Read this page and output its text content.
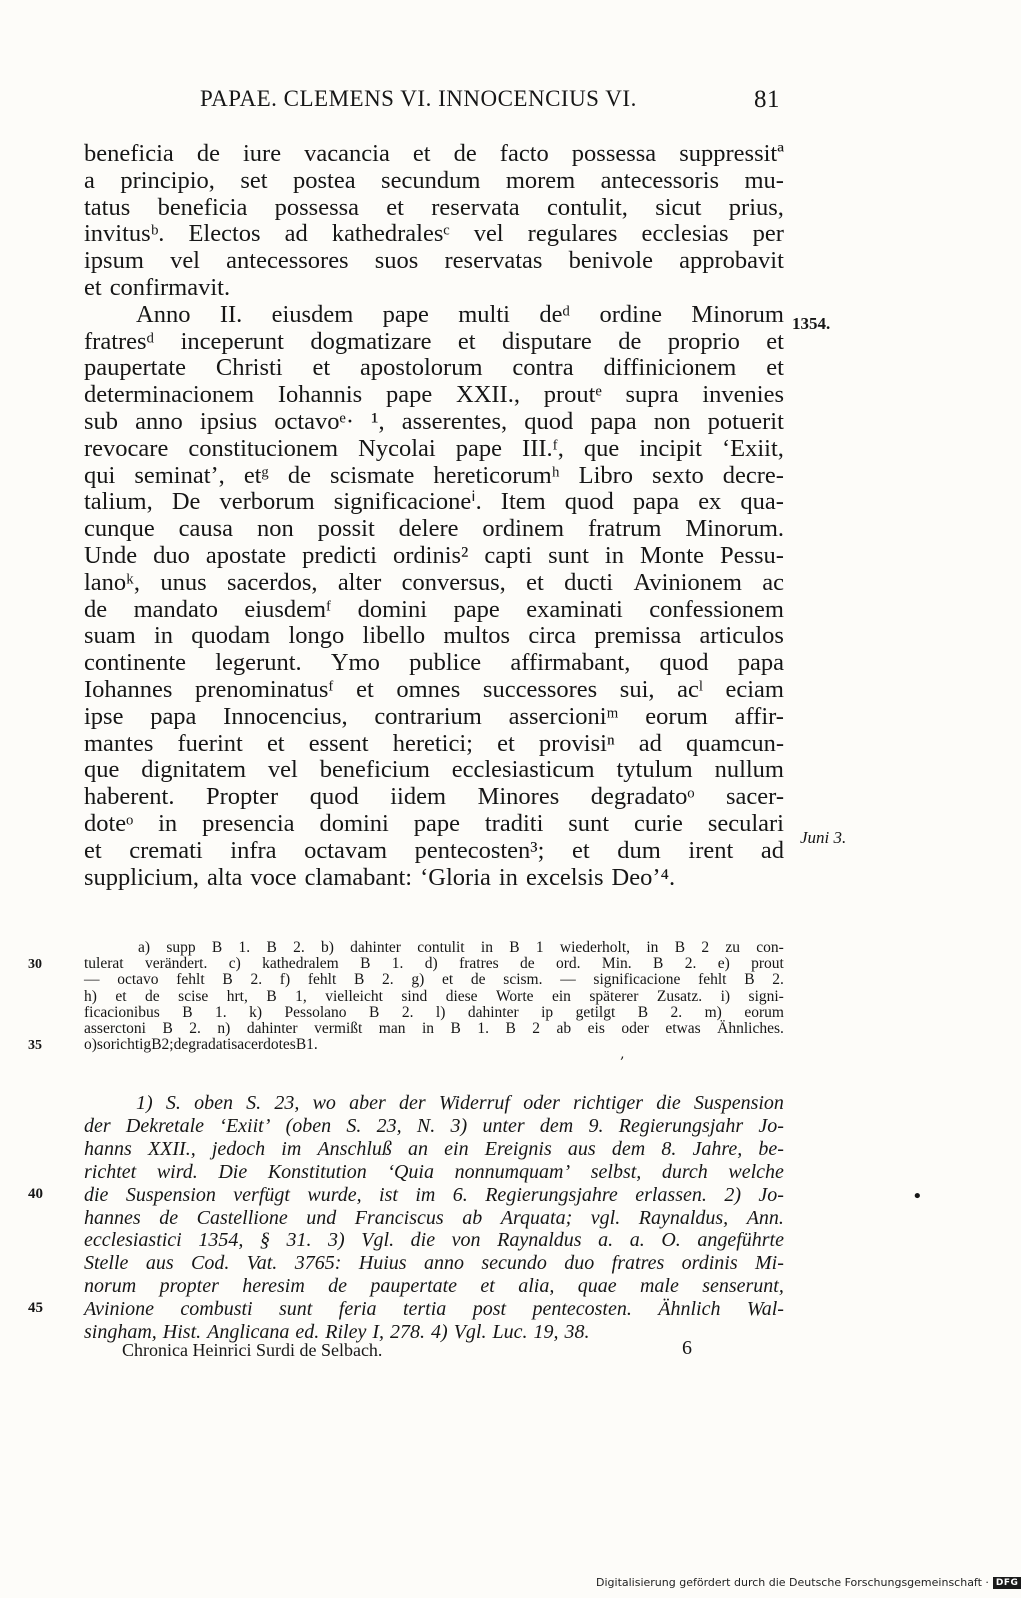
PAPAE. CLEMENS VI. INNOCENCIUS VI.	81
beneficia de iure vacancia et de facto possessa suppressitª
a principio, set postea secundum morem antecessoris mu-
tatus beneficia possessa et reservata contulit, sicut prius,
invitusᵇ. Electos ad kathedralesᶜ vel regulares ecclesias per
ipsum vel antecessores suos reservatas benivole approbavit
et confirmavit.
Anno II. eiusdem pape multi deᵈ ordine Minorum
fratresᵈ inceperunt dogmatizare et disputare de proprio et
paupertate Christi et apostolorum contra diffinicionem et
determinacionem Iohannis pape XXII., proutᵉ supra invenies
sub anno ipsius octavoᵉ· ¹, asserentes, quod papa non potuerit
revocare constitucionem Nycolai pape III.ᶠ, que incipit ‘Exiit,
qui seminat’, etᵍ de scismate hereticorumʰ Libro sexto decre-
talium, De verborum significacioneⁱ. Item quod papa ex qua-
cunque causa non possit delere ordinem fratrum Minorum.
Unde duo apostate predicti ordinis² capti sunt in Monte Pessu-
lanoᵏ, unus sacerdos, alter conversus, et ducti Avinionem ac
de mandato eiusdemᶠ domini pape examinati confessionem
suam in quodam longo libello multos circa premissa articulos
continente legerunt. Ymo publice affirmabant, quod papa
Iohannes prenominatusᶠ et omnes successores sui, acˡ eciam
ipse papa Innocencius, contrarium assercioniᵐ eorum affir-
mantes fuerint et essent heretici; et provisiⁿ ad quamcun-
que dignitatem vel beneficium ecclesiasticum tytulum nullum
haberent. Propter quod iidem Minores degradatoᵒ sacer-
doteᵒ in presencia domini pape traditi sunt curie seculari
et cremati infra octavam pentecosten³; et dum irent ad
supplicium, alta voce clamabant: ‘Gloria in excelsis Deo’⁴.
1354.
Juni 3.
a) supp B 1. B 2. b) dahinter contulit in B 1 wiederholt, in B 2 zu con-
tulerat verändert. c) kathedralem B 1. d) fratres de ord. Min. B 2. e) prout
30
— octavo fehlt B 2. f) fehlt B 2. g) et de scism. — significacione fehlt B 2.
h) et de scise hrt, B 1, vielleicht sind diese Worte ein späterer Zusatz. i) signi-
ficacionibus B 1. k) Pessolano B 2. l) dahinter ip getilgt B 2. m) eorum
asserctoni B 2. n) dahinter vermißt man in B 1. B 2 ab eis oder etwas Ähnliches.
o) so richtig B 2; degradati sacerdotes B 1.
35
‚
1) S. oben S. 23, wo aber der Widerruf oder richtiger die Suspension
der Dekretale ‘Exiit’ (oben S. 23, N. 3) unter dem 9. Regierungsjahr Jo-
hanns XXII., jedoch im Anschluß an ein Ereignis aus dem 8. Jahre, be-
richtet wird. Die Konstitution ‘Quia nonnumquam’ selbst, durch welche
die Suspension verfügt wurde, ist im 6. Regierungsjahre erlassen. 2) Jo-
40
hannes de Castellione und Franciscus ab Arquata; vgl. Raynaldus, Ann.
ecclesiastici 1354, § 31. 3) Vgl. die von Raynaldus a. a. O. angeführte
Stelle aus Cod. Vat. 3765: Huius anno secundo duo fratres ordinis Mi-
norum propter heresim de paupertate et alia, quae male senserunt,
Avinione combusti sunt feria tertia post pentecosten. Ähnlich Wal-
45
singham, Hist. Anglicana ed. Riley I, 278. 4) Vgl. Luc. 19, 38.
•
Chronica Heinrici Surdi de Selbach.	6
Digitalisierung gefördert durch die Deutsche Forschungsgemeinschaft · DFG
